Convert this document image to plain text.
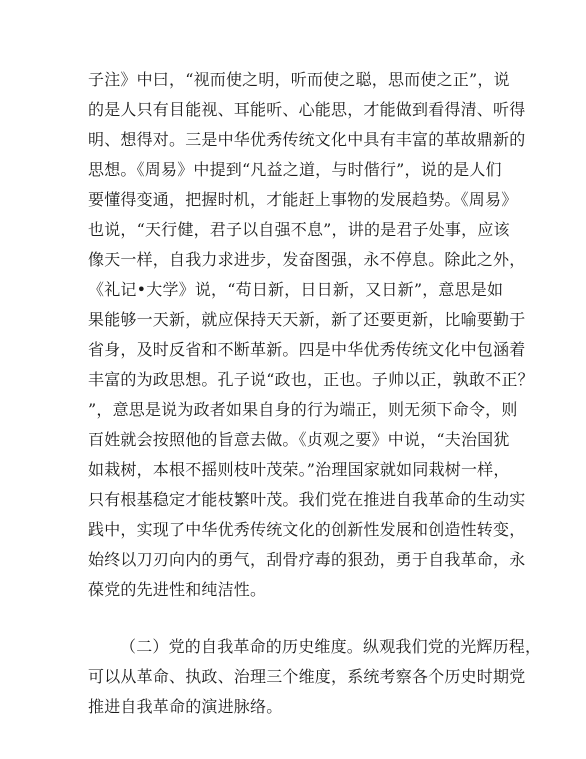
子注》中曰，“视而使之明，听而使之聪，思而使之正”，说
的是人只有目能视、耳能听、心能思，才能做到看得清、听得
明、想得对。三是中华优秀传统文化中具有丰富的革故鼎新的
思想。《周易》中提到“凡益之道，与时偕行”，说的是人们
要懂得变通，把握时机，才能赶上事物的发展趋势。《周易》
也说，“天行健，君子以自强不息”，讲的是君子处事，应该
像天一样，自我力求进步，发奋图强，永不停息。除此之外，
《礼记•大学》说，“苟日新，日日新，又日新”，意思是如
果能够一天新，就应保持天天新，新了还要更新，比喻要勤于
省身，及时反省和不断革新。四是中华优秀传统文化中包涵着
丰富的为政思想。孔子说“政也，正也。子帅以正，孰敢不正？
”，意思是说为政者如果自身的行为端正，则无须下命令，则
百姓就会按照他的旨意去做。《贞观之要》中说，“夫治国犹
如栽树，本根不摇则枝叶茂荣。”治理国家就如同栽树一样，
只有根基稳定才能枝繁叶茂。我们党在推进自我革命的生动实
践中，实现了中华优秀传统文化的创新性发展和创造性转变，
始终以刀刃向内的勇气，刮骨疗毒的狠劲，勇于自我革命，永
葆党的先进性和纯洁性。
（二）党的自我革命的历史维度。纵观我们党的光辉历程，
可以从革命、执政、治理三个维度，系统考察各个历史时期党
推进自我革命的演进脉络。
